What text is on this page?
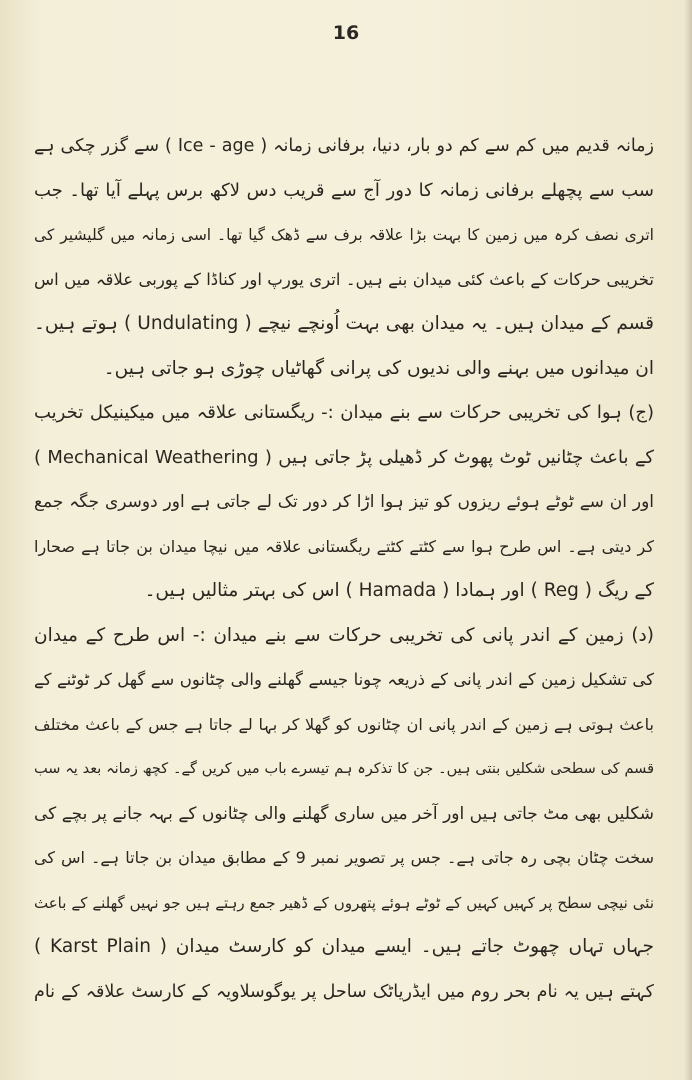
16
زمانہ قدیم میں کم سے کم دو بار، دنیا، برفانی زمانہ ( Ice - age ) سے گزر چکی ہے
سب سے پچھلے برفانی زمانہ کا دور آج سے قریب دس لاکھ برس پہلے آیا تھا۔ جب
اتری نصف کرہ میں زمین کا بہت بڑا علاقہ برف سے ڈھک گیا تھا۔ اسی زمانہ میں گلیشیر کی
تخریبی حرکات کے باعث کئی میدان بنے ہیں۔ اتری یورپ اور کناڈا کے پوربی علاقہ میں اس
قسم کے میدان ہیں۔ یہ میدان بھی بہت اُونچے نیچے ( Undulating ) ہوتے ہیں۔
ان میدانوں میں بہنے والی ندیوں کی پرانی گھاٹیاں چوڑی ہو جاتی ہیں۔
(ج) ہوا کی تخریبی حرکات سے بنے میدان :- ریگستانی علاقہ میں میکینیکل تخریب
( Mechanical Weathering ) کے باعث چٹانیں ٹوٹ پھوٹ کر ڈھیلی پڑ جاتی ہیں
اور ان سے ٹوٹے ہوئے ریزوں کو تیز ہوا اڑا کر دور تک لے جاتی ہے اور دوسری جگہ جمع
کر دیتی ہے۔ اس طرح ہوا سے کٹتے کٹتے ریگستانی علاقہ میں نیچا میدان بن جاتا ہے صحارا
کے ریگ ( Reg ) اور ہمادا ( Hamada ) اس کی بہتر مثالیں ہیں۔
(د) زمین کے اندر پانی کی تخریبی حرکات سے بنے میدان :- اس طرح کے میدان
کی تشکیل زمین کے اندر پانی کے ذریعہ چونا جیسے گھلنے والی چٹانوں سے گھل کر ٹوٹنے کے
باعث ہوتی ہے زمین کے اندر پانی ان چٹانوں کو گھلا کر بہا لے جاتا ہے جس کے باعث مختلف
قسم کی سطحی شکلیں بنتی ہیں۔ جن کا تذکرہ ہم تیسرے باب میں کریں گے۔ کچھ زمانہ بعد یہ سب
شکلیں بھی مٹ جاتی ہیں اور آخر میں ساری گھلنے والی چٹانوں کے بہہ جانے پر بچے کی
سخت چٹان بچی رہ جاتی ہے۔ جس پر تصویر نمبر 9 کے مطابق میدان بن جاتا ہے۔ اس کی
نئی نیچی سطح پر کہیں کہیں کے ٹوٹے ہوئے پتھروں کے ڈھیر جمع رہتے ہیں جو نہیں گھلنے کے باعث
جہاں تہاں چھوٹ جاتے ہیں۔ ایسے میدان کو کارسٹ میدان ( Karst Plain )
کہتے ہیں یہ نام بحر روم میں ایڈریاٹک ساحل پر یوگوسلاویہ کے کارسٹ علاقہ کے نام
